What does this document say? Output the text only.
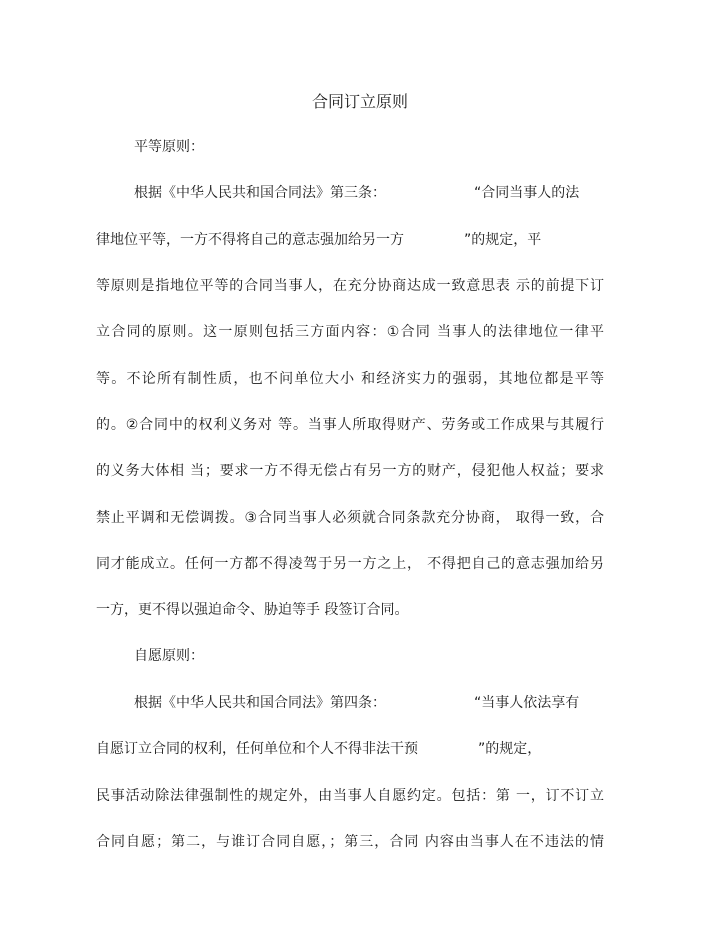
合同订立原则
平等原则：
根据《中华人民共和国合同法》第三条：	“合同当事人的法
律地位平等，一方不得将自己的意志强加给另一方	”的规定，平
等原则是指地位平等的合同当事人，在充分协商达成一致意思表 示的前提下订
立合同的原则。这一原则包括三方面内容：①合同 当事人的法律地位一律平
等。不论所有制性质，也不问单位大小 和经济实力的强弱，其地位都是平等
的。②合同中的权利义务对 等。当事人所取得财产、劳务或工作成果与其履行
的义务大体相 当；要求一方不得无偿占有另一方的财产，侵犯他人权益；要求
禁止平调和无偿调拨。③合同当事人必须就合同条款充分协商， 取得一致，合
同才能成立。任何一方都不得凌驾于另一方之上， 不得把自己的意志强加给另
一方，更不得以强迫命令、胁迫等手 段签订合同。
自愿原则：
根据《中华人民共和国合同法》第四条：	“当事人依法享有
自愿订立合同的权利，任何单位和个人不得非法干预	”的规定，
民事活动除法律强制性的规定外，由当事人自愿约定。包括：第 一，订不订立
合同自愿；第二，与谁订合同自愿，；第三，合同 内容由当事人在不违法的情
